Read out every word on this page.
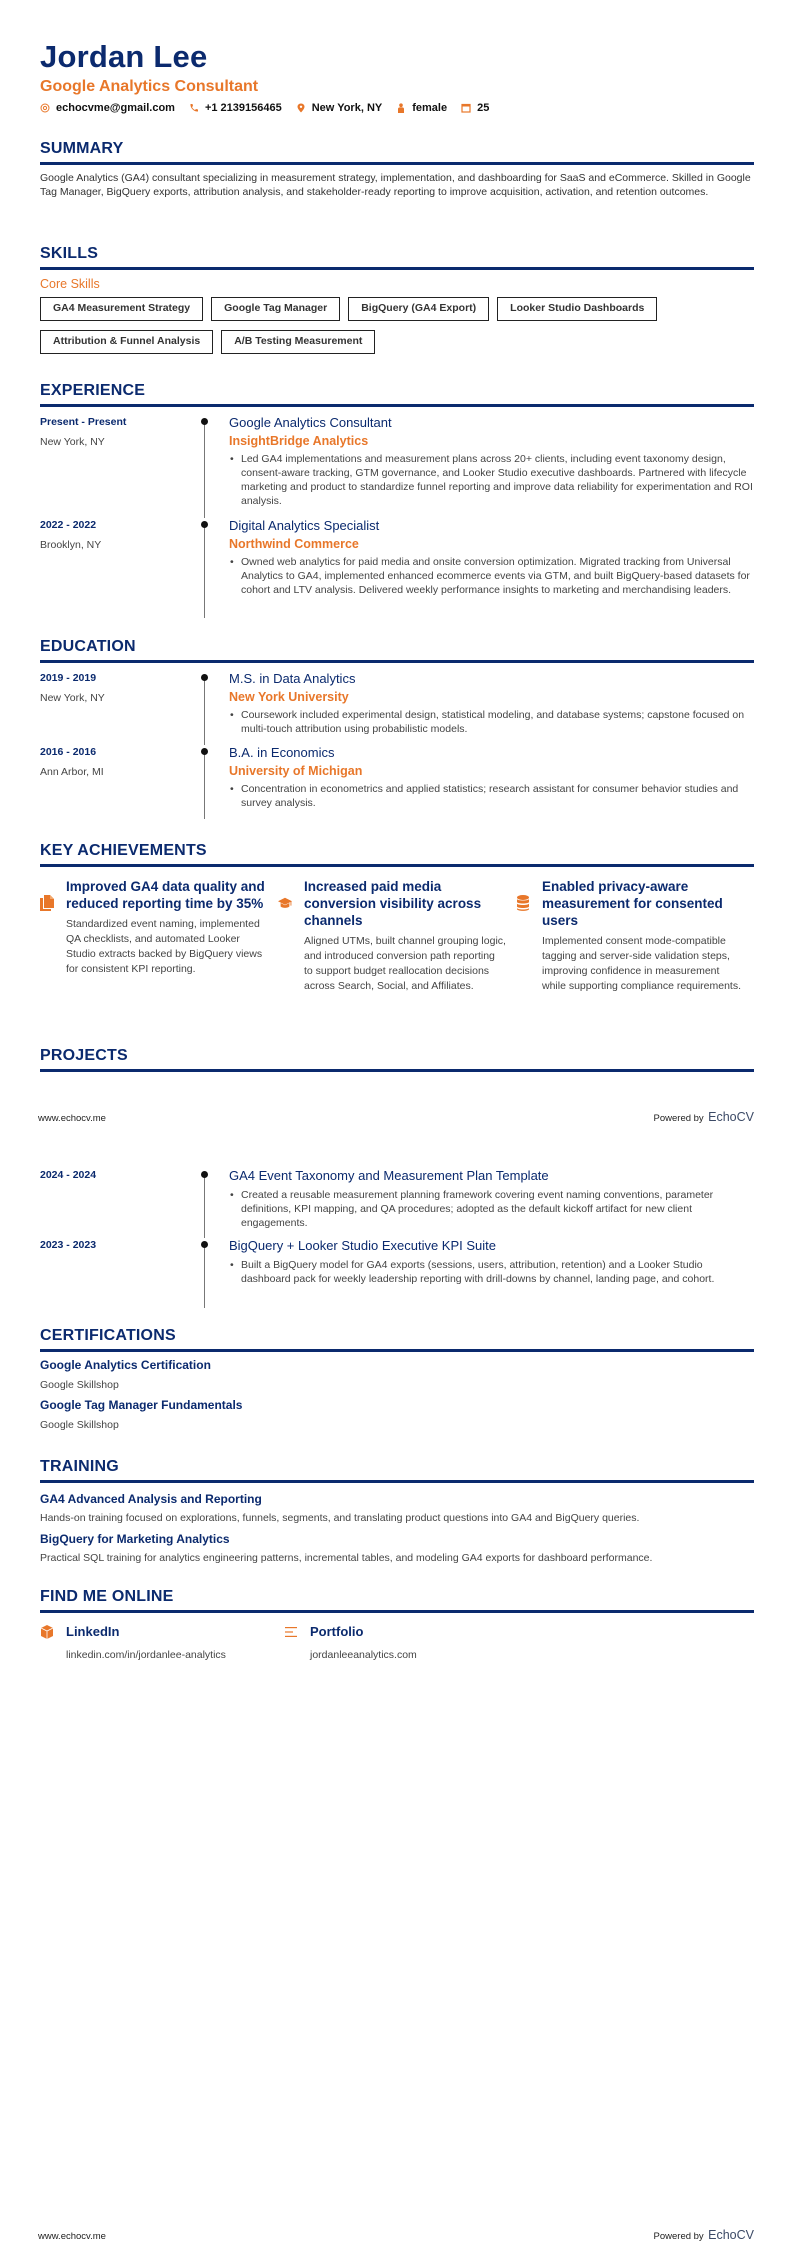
Jordan Lee
Google Analytics Consultant
echocvme@gmail.com	+1 2139156465	New York, NY	female	25
SUMMARY
Google Analytics (GA4) consultant specializing in measurement strategy, implementation, and dashboarding for SaaS and eCommerce. Skilled in Google Tag Manager, BigQuery exports, attribution analysis, and stakeholder-ready reporting to improve acquisition, activation, and retention outcomes.
SKILLS
Core Skills
GA4 Measurement Strategy	Google Tag Manager	BigQuery (GA4 Export)	Looker Studio Dashboards
Attribution & Funnel Analysis	A/B Testing Measurement
EXPERIENCE
Present - Present
New York, NY
Google Analytics Consultant
InsightBridge Analytics
• Led GA4 implementations and measurement plans across 20+ clients, including event taxonomy design, consent-aware tracking, GTM governance, and Looker Studio executive dashboards. Partnered with lifecycle marketing and product to standardize funnel reporting and improve data reliability for experimentation and ROI analysis.
2022 - 2022
Brooklyn, NY
Digital Analytics Specialist
Northwind Commerce
• Owned web analytics for paid media and onsite conversion optimization. Migrated tracking from Universal Analytics to GA4, implemented enhanced ecommerce events via GTM, and built BigQuery-based datasets for cohort and LTV analysis. Delivered weekly performance insights to marketing and merchandising leaders.
EDUCATION
2019 - 2019
New York, NY
M.S. in Data Analytics
New York University
• Coursework included experimental design, statistical modeling, and database systems; capstone focused on multi-touch attribution using probabilistic models.
2016 - 2016
Ann Arbor, MI
B.A. in Economics
University of Michigan
• Concentration in econometrics and applied statistics; research assistant for consumer behavior studies and survey analysis.
KEY ACHIEVEMENTS
Improved GA4 data quality and reduced reporting time by 35%
Standardized event naming, implemented QA checklists, and automated Looker Studio extracts backed by BigQuery views for consistent KPI reporting.
Increased paid media conversion visibility across channels
Aligned UTMs, built channel grouping logic, and introduced conversion path reporting to support budget reallocation decisions across Search, Social, and Affiliates.
Enabled privacy-aware measurement for consented users
Implemented consent mode-compatible tagging and server-side validation steps, improving confidence in measurement while supporting compliance requirements.
PROJECTS
www.echocv.me	Powered by EchoCV
2024 - 2024	GA4 Event Taxonomy and Measurement Plan Template
• Created a reusable measurement planning framework covering event naming conventions, parameter definitions, KPI mapping, and QA procedures; adopted as the default kickoff artifact for new client engagements.
2023 - 2023	BigQuery + Looker Studio Executive KPI Suite
• Built a BigQuery model for GA4 exports (sessions, users, attribution, retention) and a Looker Studio dashboard pack for weekly leadership reporting with drill-downs by channel, landing page, and cohort.
CERTIFICATIONS
Google Analytics Certification
Google Skillshop
Google Tag Manager Fundamentals
Google Skillshop
TRAINING
GA4 Advanced Analysis and Reporting
Hands-on training focused on explorations, funnels, segments, and translating product questions into GA4 and BigQuery queries.
BigQuery for Marketing Analytics
Practical SQL training for analytics engineering patterns, incremental tables, and modeling GA4 exports for dashboard performance.
FIND ME ONLINE
LinkedIn
linkedin.com/in/jordanlee-analytics
Portfolio
jordanleeanalytics.com
www.echocv.me	Powered by EchoCV
